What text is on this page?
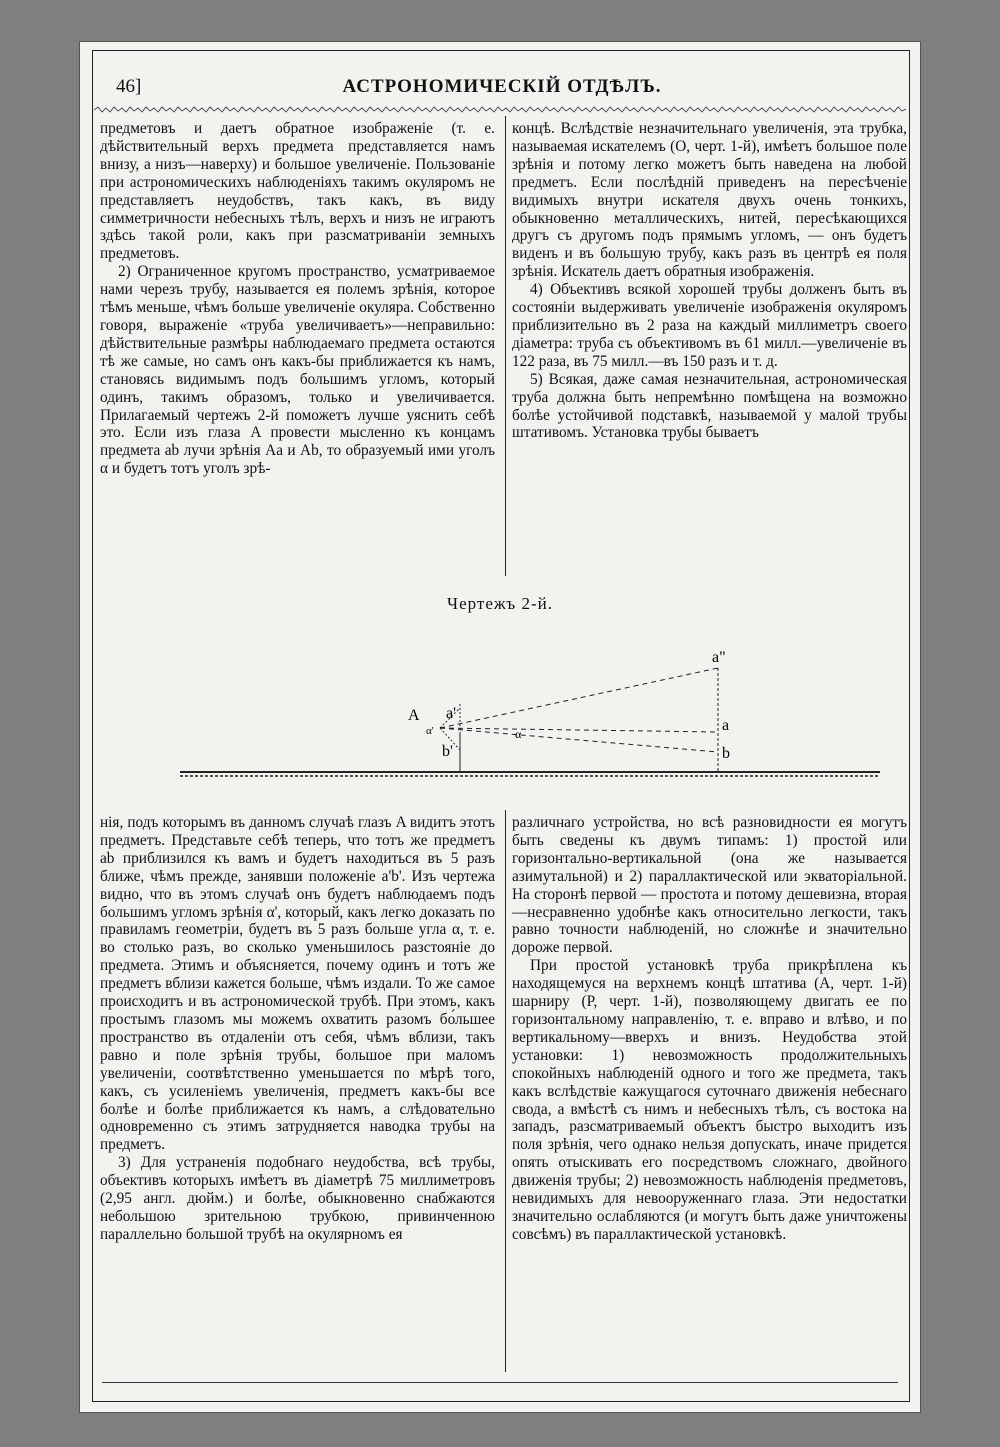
46]	АСТРОНОМИЧЕСКІЙ ОТДѢЛЪ.

предметовъ и даетъ обратное изображеніе (т. е. дѣйствительный верхъ предмета представляется намъ внизу, а низъ—наверху) и большое увеличеніе. Пользованіе при астрономическихъ наблюденіяхъ такимъ окуляромъ не представляетъ неудобствъ, такъ какъ, въ виду симметричности небесныхъ тѣлъ, верхъ и низъ не играютъ здѣсь такой роли, какъ при разсматриваніи земныхъ предметовъ.

2) Ограниченное кругомъ пространство, усматриваемое нами черезъ трубу, называется ея полемъ зрѣнія, которое тѣмъ меньше, чѣмъ больше увеличеніе окуляра. Собственно говоря, выраженіе «труба увеличиваетъ»—неправильно: дѣйствительные размѣры наблюдаемаго предмета остаются тѣ же самые, но самъ онъ какъ-бы приближается къ намъ, становясь видимымъ подъ большимъ угломъ, который одинъ, такимъ образомъ, только и увеличивается. Прилагаемый чертежъ 2-й поможетъ лучше уяснить себѣ это. Если изъ глаза A провести мысленно къ концамъ предмета ab лучи зрѣнія Aa и Ab, то образуемый ими уголъ α и будетъ тотъ уголъ зрѣ-

концѣ. Вслѣдствіе незначительнаго увеличенія, эта трубка, называемая искателемъ (O, черт. 1-й), имѣетъ большое поле зрѣнія и потому легко можетъ быть наведена на любой предметъ. Если послѣдній приведенъ на пересѣченіе видимыхъ внутри искателя двухъ очень тонкихъ, обыкновенно металлическихъ, нитей, пересѣкающихся другъ съ другомъ подъ прямымъ угломъ, — онъ будетъ виденъ и въ большую трубу, какъ разъ въ центрѣ ея поля зрѣнія. Искатель даетъ обратныя изображенія.

4) Объективъ всякой хорошей трубы долженъ быть въ состояніи выдерживать увеличеніе изображенія окуляромъ приблизительно въ 2 раза на каждый миллиметръ своего діаметра: труба съ объективомъ въ 61 милл.—увеличеніе въ 122 раза, въ 75 милл.—въ 150 разъ и т. д.

5) Всякая, даже самая незначительная, астрономическая труба должна быть непремѣнно помѣщена на возможно болѣе устойчивой подставкѣ, называемой у малой трубы штативомъ. Установка трубы бываетъ

Чертежъ 2-й.
A
a"
a
b
a'
b'
α
α'

нія, подъ которымъ въ данномъ случаѣ глазъ A видитъ этотъ предметъ. Представьте себѣ теперь, что тотъ же предметъ ab приблизился къ вамъ и будетъ находиться въ 5 разъ ближе, чѣмъ прежде, занявши положеніе a'b'. Изъ чертежа видно, что въ этомъ случаѣ онъ будетъ наблюдаемъ подъ большимъ угломъ зрѣнія α', который, какъ легко доказать по правиламъ геометріи, будетъ въ 5 разъ больше угла α, т. е. во столько разъ, во сколько уменьшилось разстояніе до предмета. Этимъ и объясняется, почему одинъ и тотъ же предметъ вблизи кажется больше, чѣмъ издали. То же самое происходитъ и въ астрономической трубѣ. При этомъ, какъ простымъ глазомъ мы можемъ охватить разомъ бо́льшее пространство въ отдаленіи отъ себя, чѣмъ вблизи, такъ равно и поле зрѣнія трубы, большое при маломъ увеличеніи, соотвѣтственно уменьшается по мѣрѣ того, какъ, съ усиленіемъ увеличенія, предметъ какъ-бы все болѣе и болѣе приближается къ намъ, а слѣдовательно одновременно съ этимъ затрудняется наводка трубы на предметъ.

3) Для устраненія подобнаго неудобства, всѣ трубы, объективъ которыхъ имѣетъ въ діаметрѣ 75 миллиметровъ (2,95 англ. дюйм.) и болѣе, обыкновенно снабжаются небольшою зрительною трубкою, привинченною параллельно большой трубѣ на окулярномъ ея

различнаго устройства, но всѣ разновидности ея могутъ быть сведены къ двумъ типамъ: 1) простой или горизонтально-вертикальной (она же называется азимутальной) и 2) параллактической или экваторіальной. На сторонѣ первой — простота и потому дешевизна, вторая—несравненно удобнѣе какъ относительно легкости, такъ равно точности наблюденій, но сложнѣе и значительно дороже первой.

При простой установкѣ труба прикрѣплена къ находящемуся на верхнемъ концѣ штатива (A, черт. 1-й) шарниру (P, черт. 1-й), позволяющему двигать ее по горизонтальному направленію, т. е. вправо и влѣво, и по вертикальному—вверхъ и внизъ. Неудобства этой установки: 1) невозможность продолжительныхъ спокойныхъ наблюденій одного и того же предмета, такъ какъ вслѣдствіе кажущагося суточнаго движенія небеснаго свода, а вмѣстѣ съ нимъ и небесныхъ тѣлъ, съ востока на западъ, разсматриваемый объектъ быстро выходитъ изъ поля зрѣнія, чего однако нельзя допускать, иначе придется опять отыскивать его посредствомъ сложнаго, двойного движенія трубы; 2) невозможность наблюденія предметовъ, невидимыхъ для невооруженнаго глаза. Эти недостатки значительно ослабляются (и могутъ быть даже уничтожены совсѣмъ) въ параллактической установкѣ.
